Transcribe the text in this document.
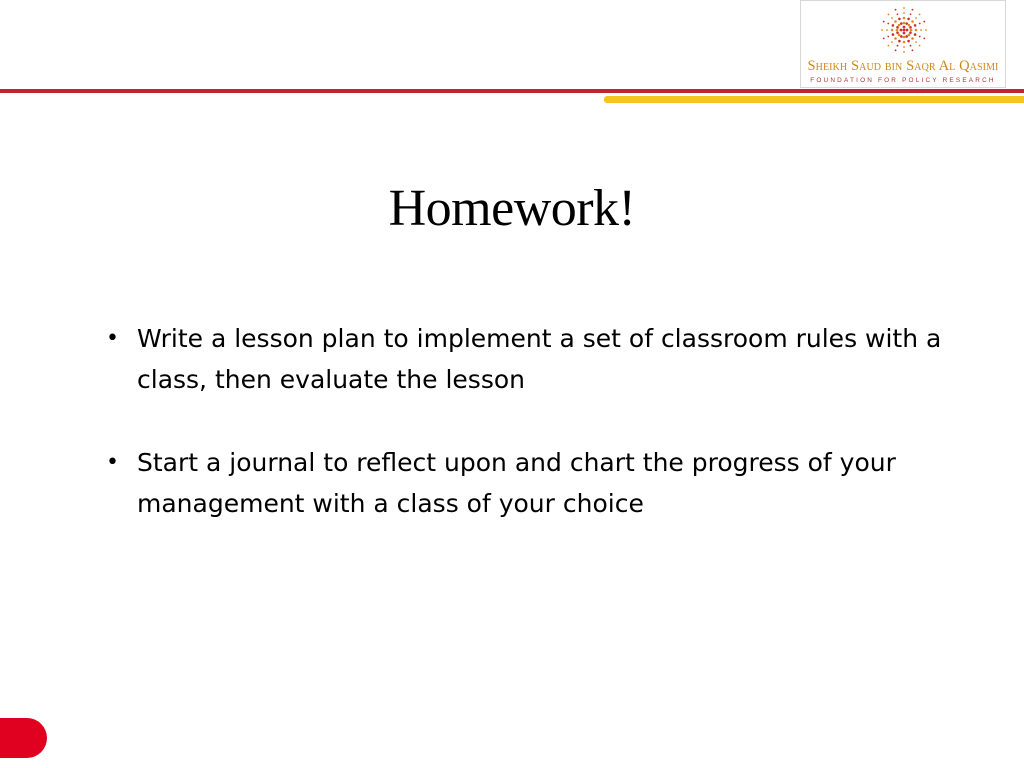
Sheikh Saud bin Saqr Al Qasimi
FOUNDATION FOR POLICY RESEARCH
Homework!
• Write a lesson plan to implement a set of classroom rules with a class, then evaluate the lesson
• Start a journal to reflect upon and chart the progress of your management with a class of your choice
